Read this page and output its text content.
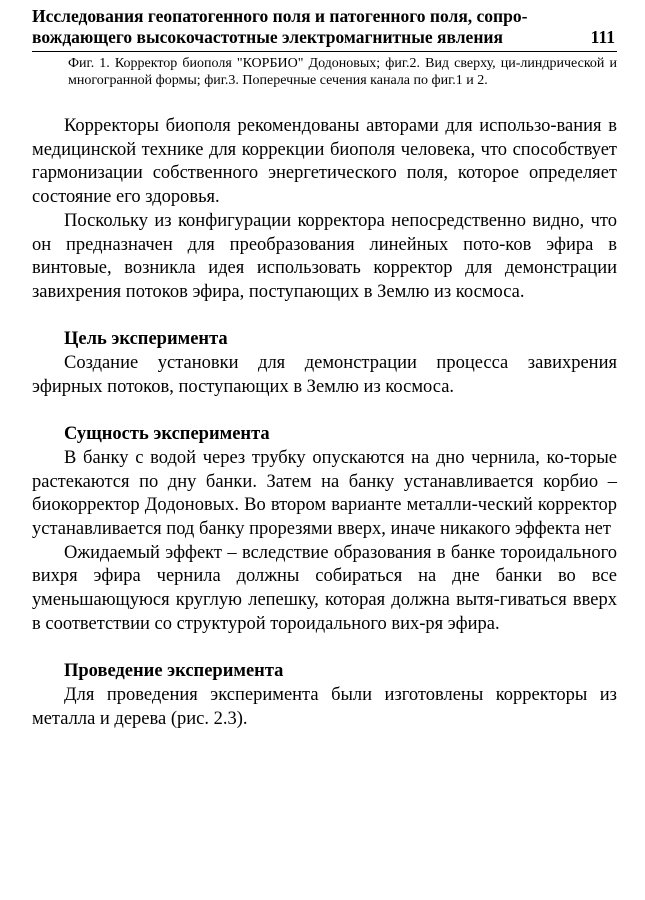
Исследования геопатогенного поля и патогенного поля, сопро-
вождающего высокочастотные электромагнитные явления	111
Фиг. 1. Корректор биополя "КОРБИО" Додоновых; фиг.2. Вид сверху, ци-линдрической и многогранной формы; фиг.3. Поперечные сечения канала по фиг.1 и 2.

Корректоры биополя рекомендованы авторами для использо-вания в медицинской технике для коррекции биополя человека, что способствует гармонизации собственного энергетического поля, которое определяет состояние его здоровья.

Поскольку из конфигурации корректора непосредственно видно, что он предназначен для преобразования линейных пото-ков эфира в винтовые, возникла идея использовать корректор для демонстрации завихрения потоков эфира, поступающих в Землю из космоса.

Цель эксперимента

Создание установки для демонстрации процесса завихрения эфирных потоков, поступающих в Землю из космоса.

Сущность эксперимента

В банку с водой через трубку опускаются на дно чернила, ко-торые растекаются по дну банки. Затем на банку устанавливается корбио – биокорректор Додоновых. Во втором варианте металли-ческий корректор устанавливается под банку прорезями вверх, иначе никакого эффекта нет

Ожидаемый эффект – вследствие образования в банке тороидального вихря эфира чернила должны собираться на дне банки во все уменьшающуюся круглую лепешку, которая должна вытя-гиваться вверх в соответствии со структурой тороидального вих-ря эфира.

Проведение эксперимента

Для проведения эксперимента были изготовлены корректоры из металла и дерева (рис. 2.3).
